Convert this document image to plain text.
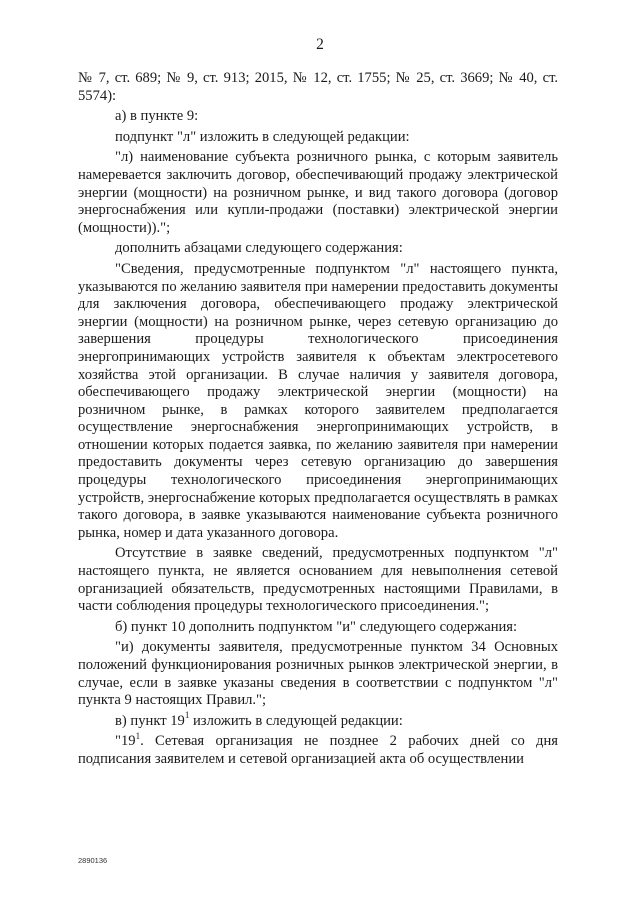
2

№ 7, ст. 689; № 9, ст. 913; 2015, № 12, ст. 1755; № 25, ст. 3669; № 40, ст. 5574):

а) в пункте 9:

подпункт "л" изложить в следующей редакции:

"л) наименование субъекта розничного рынка, с которым заявитель намеревается заключить договор, обеспечивающий продажу электрической энергии (мощности) на розничном рынке, и вид такого договора (договор энергоснабжения или купли-продажи (поставки) электрической энергии (мощности)).";

дополнить абзацами следующего содержания:

"Сведения, предусмотренные подпунктом "л" настоящего пункта, указываются по желанию заявителя при намерении предоставить документы для заключения договора, обеспечивающего продажу электрической энергии (мощности) на розничном рынке, через сетевую организацию до завершения процедуры технологического присоединения энергопринимающих устройств заявителя к объектам электросетевого хозяйства этой организации. В случае наличия у заявителя договора, обеспечивающего продажу электрической энергии (мощности) на розничном рынке, в рамках которого заявителем предполагается осуществление энергоснабжения энергопринимающих устройств, в отношении которых подается заявка, по желанию заявителя при намерении предоставить документы через сетевую организацию до завершения процедуры технологического присоединения энергопринимающих устройств, энергоснабжение которых предполагается осуществлять в рамках такого договора, в заявке указываются наименование субъекта розничного рынка, номер и дата указанного договора.

Отсутствие в заявке сведений, предусмотренных подпунктом "л" настоящего пункта, не является основанием для невыполнения сетевой организацией обязательств, предусмотренных настоящими Правилами, в части соблюдения процедуры технологического присоединения.";

б) пункт 10 дополнить подпунктом "и" следующего содержания:

"и) документы заявителя, предусмотренные пунктом 34 Основных положений функционирования розничных рынков электрической энергии, в случае, если в заявке указаны сведения в соответствии с подпунктом "л" пункта 9 настоящих Правил.";

в) пункт $19^1$ изложить в следующей редакции:

"$19^1$. Сетевая организация не позднее 2 рабочих дней со дня подписания заявителем и сетевой организацией акта об осуществлении

2890136
